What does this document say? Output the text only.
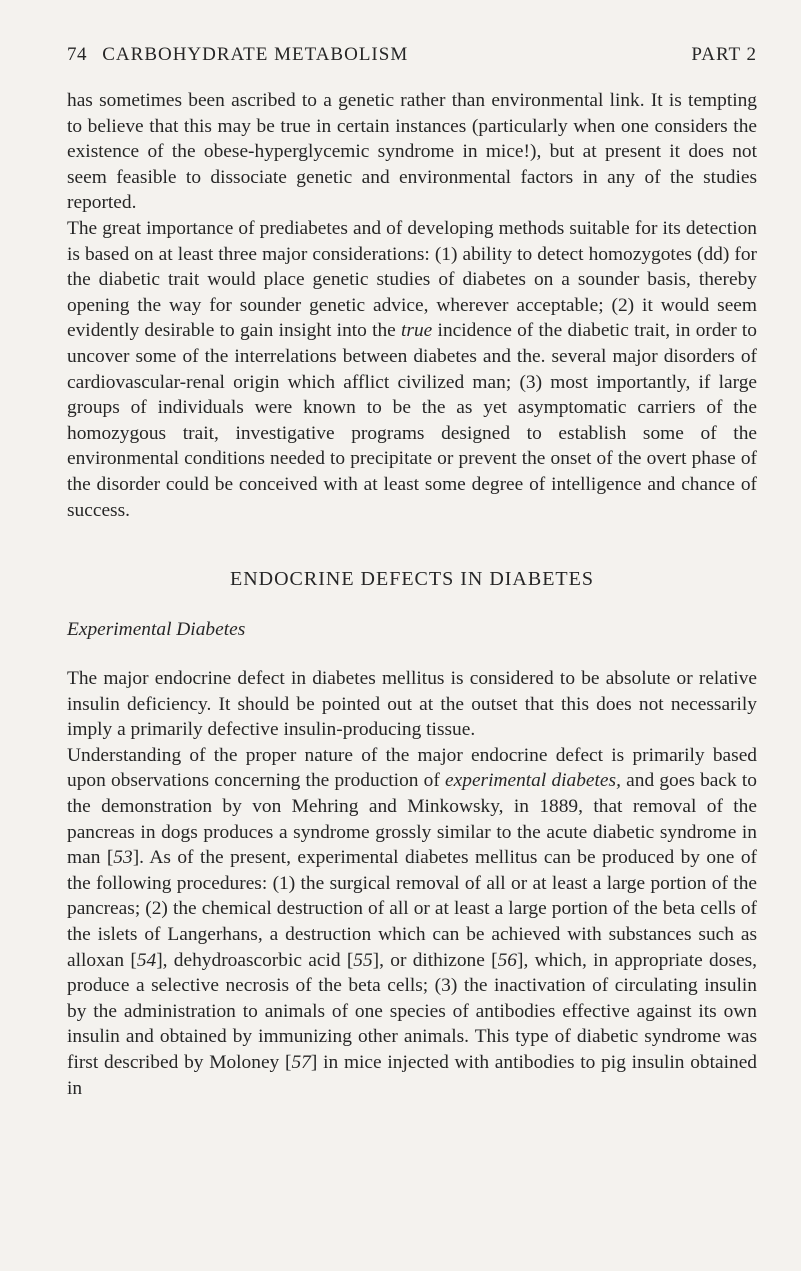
74 CARBOHYDRATE METABOLISM	PART 2

has sometimes been ascribed to a genetic rather than environmental link. It is tempting to believe that this may be true in certain instances (particularly when one considers the existence of the obese-hyperglycemic syndrome in mice!), but at present it does not seem feasible to dissociate genetic and environmental factors in any of the studies reported.

The great importance of prediabetes and of developing methods suitable for its detection is based on at least three major considerations: (1) ability to detect homozygotes (dd) for the diabetic trait would place genetic studies of diabetes on a sounder basis, thereby opening the way for sounder genetic advice, wherever acceptable; (2) it would seem evidently desirable to gain insight into the true incidence of the diabetic trait, in order to uncover some of the interrelations between diabetes and the. several major disorders of cardiovascular-renal origin which afflict civilized man; (3) most importantly, if large groups of individuals were known to be the as yet asymptomatic carriers of the homozygous trait, investigative programs designed to establish some of the environmental conditions needed to precipitate or prevent the onset of the overt phase of the disorder could be conceived with at least some degree of intelligence and chance of success.

ENDOCRINE DEFECTS IN DIABETES
Experimental Diabetes

The major endocrine defect in diabetes mellitus is considered to be absolute or relative insulin deficiency. It should be pointed out at the outset that this does not necessarily imply a primarily defective insulin-producing tissue.

Understanding of the proper nature of the major endocrine defect is primarily based upon observations concerning the production of experimental diabetes, and goes back to the demonstration by von Mehring and Minkowsky, in 1889, that removal of the pancreas in dogs produces a syndrome grossly similar to the acute diabetic syndrome in man [53]. As of the present, experimental diabetes mellitus can be produced by one of the following procedures: (1) the surgical removal of all or at least a large portion of the pancreas; (2) the chemical destruction of all or at least a large portion of the beta cells of the islets of Langerhans, a destruction which can be achieved with substances such as alloxan [54], dehydroascorbic acid [55], or dithizone [56], which, in appropriate doses, produce a selective necrosis of the beta cells; (3) the inactivation of circulating insulin by the administration to animals of one species of antibodies effective against its own insulin and obtained by immunizing other animals. This type of diabetic syndrome was first described by Moloney [57] in mice injected with antibodies to pig insulin obtained in
